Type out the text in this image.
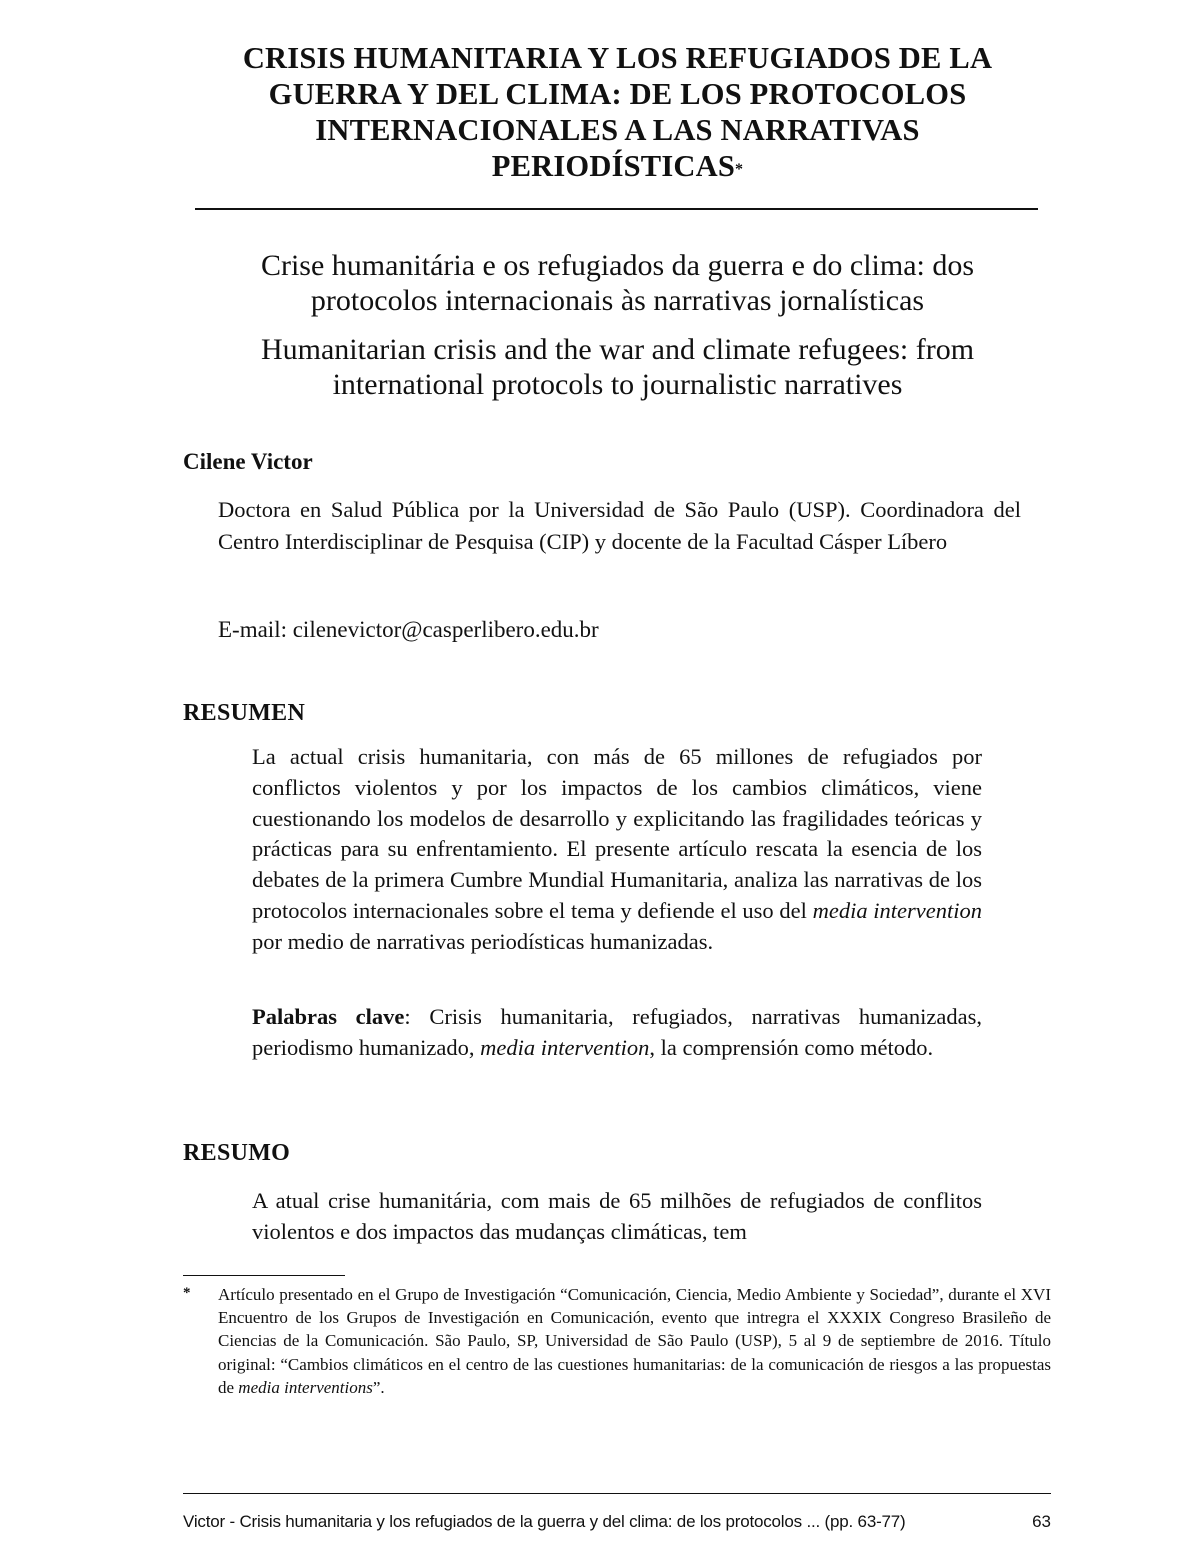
CRISIS HUMANITARIA Y LOS REFUGIADOS DE LA GUERRA Y DEL CLIMA: DE LOS PROTOCOLOS INTERNACIONALES A LAS NARRATIVAS PERIODÍSTICAS*
Crise humanitária e os refugiados da guerra e do clima: dos protocolos internacionais às narrativas jornalísticas
Humanitarian crisis and the war and climate refugees: from international protocols to journalistic narratives
Cilene Victor
Doctora en Salud Pública por la Universidad de São Paulo (USP). Coordinadora del Centro Interdisciplinar de Pesquisa (CIP) y docente de la Facultad Cásper Líbero
E-mail: cilenevictor@casperlibero.edu.br
RESUMEN
La actual crisis humanitaria, con más de 65 millones de refugiados por conflictos violentos y por los impactos de los cambios climáticos, viene cuestionando los modelos de desarrollo y explicitando las fragilidades teóricas y prácticas para su enfrentamiento. El presente artículo rescata la esencia de los debates de la primera Cumbre Mundial Humanitaria, analiza las narrativas de los protocolos internacionales sobre el tema y defiende el uso del media intervention por medio de narrativas periodísticas humanizadas.
Palabras clave: Crisis humanitaria, refugiados, narrativas humanizadas, periodismo humanizado, media intervention, la comprensión como método.
RESUMO
A atual crise humanitária, com mais de 65 milhões de refugiados de conflitos violentos e dos impactos das mudanças climáticas, tem
* Artículo presentado en el Grupo de Investigación “Comunicación, Ciencia, Medio Ambiente y Sociedad”, durante el XVI Encuentro de los Grupos de Investigación en Comunicación, evento que intregra el XXXIX Congreso Brasileño de Ciencias de la Comunicación. São Paulo, SP, Universidad de São Paulo (USP), 5 al 9 de septiembre de 2016. Título original: “Cambios climáticos en el centro de las cuestiones humanitarias: de la comunicación de riesgos a las propuestas de media interventions”.
Victor - Crisis humanitaria y los refugiados de la guerra y del clima: de los protocolos ... (pp. 63-77)	63
